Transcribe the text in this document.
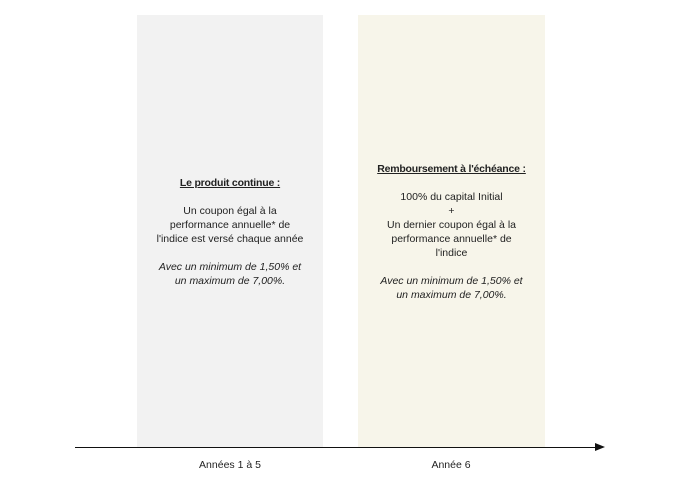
Le produit continue :
Un coupon égal à la
performance annuelle* de
l'indice est versé chaque année
Avec un minimum de 1,50% et
un maximum de 7,00%.
Remboursement à l'échéance :
100% du capital Initial
+
Un dernier coupon égal à la
performance annuelle* de
l'indice
Avec un minimum de 1,50% et
un maximum de 7,00%.
Années 1 à 5	Année 6
